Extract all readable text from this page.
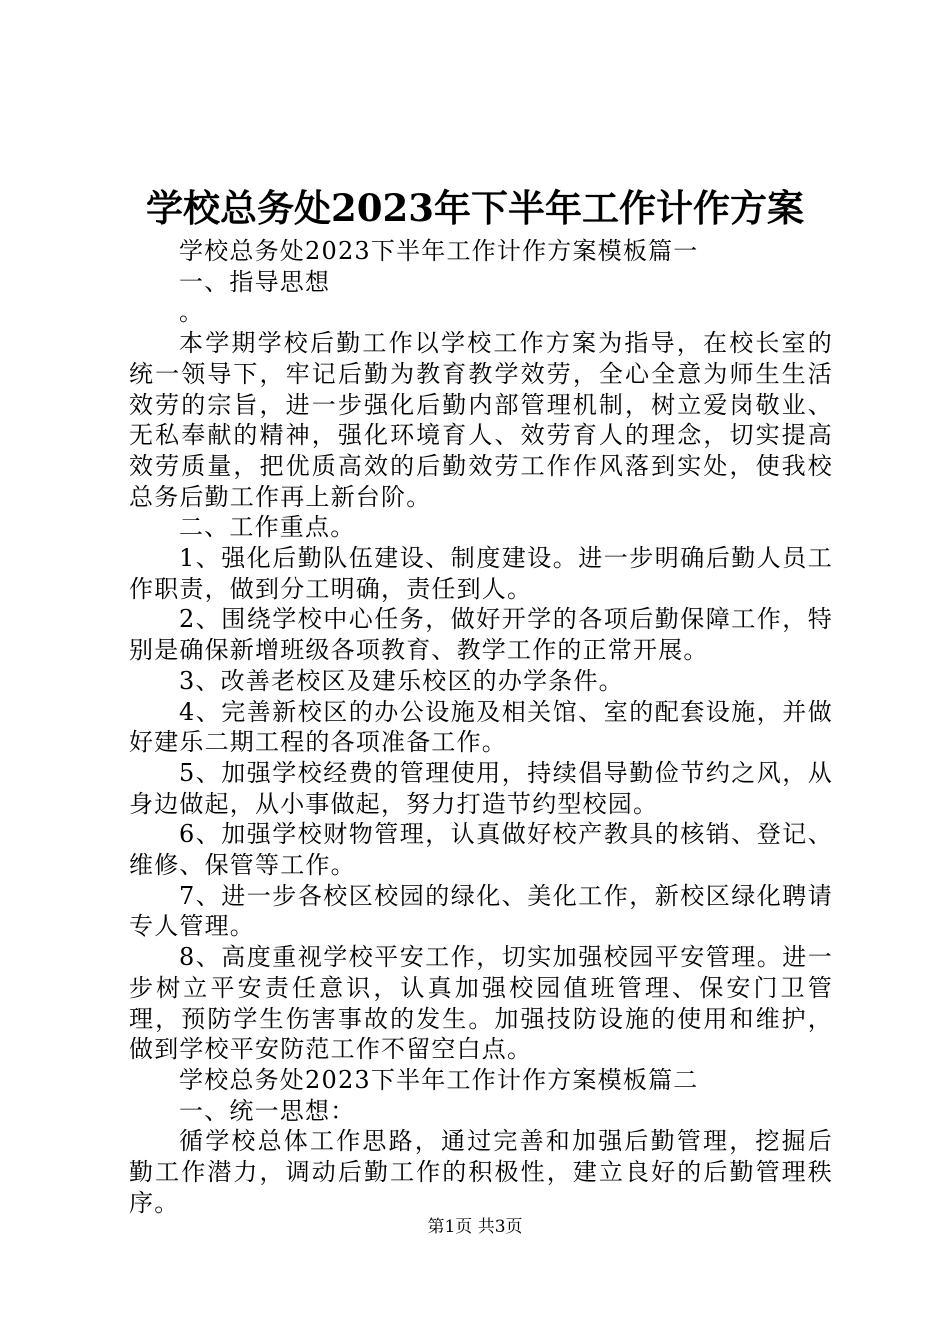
学校总务处2023年下半年工作计作方案

学校总务处2023下半年工作计作方案模板篇一

一、指导思想

。

本学期学校后勤工作以学校工作方案为指导，在校长室的统一领导下，牢记后勤为教育教学效劳，全心全意为师生生活效劳的宗旨，进一步强化后勤内部管理机制，树立爱岗敬业、无私奉献的精神，强化环境育人、效劳育人的理念，切实提高效劳质量，把优质高效的后勤效劳工作作风落到实处，使我校总务后勤工作再上新台阶。

二、工作重点。

1、强化后勤队伍建设、制度建设。进一步明确后勤人员工作职责，做到分工明确，责任到人。

2、围绕学校中心任务，做好开学的各项后勤保障工作，特别是确保新增班级各项教育、教学工作的正常开展。

3、改善老校区及建乐校区的办学条件。

4、完善新校区的办公设施及相关馆、室的配套设施，并做好建乐二期工程的各项准备工作。

5、加强学校经费的管理使用，持续倡导勤俭节约之风，从身边做起，从小事做起，努力打造节约型校园。

6、加强学校财物管理，认真做好校产教具的核销、登记、维修、保管等工作。

7、进一步各校区校园的绿化、美化工作，新校区绿化聘请专人管理。

8、高度重视学校平安工作，切实加强校园平安管理。进一步树立平安责任意识，认真加强校园值班管理、保安门卫管理，预防学生伤害事故的发生。加强技防设施的使用和维护，做到学校平安防范工作不留空白点。

学校总务处2023下半年工作计作方案模板篇二

一、统一思想：

循学校总体工作思路，通过完善和加强后勤管理，挖掘后勤工作潜力，调动后勤工作的积极性，建立良好的后勤管理秩序。

第1页 共3页
